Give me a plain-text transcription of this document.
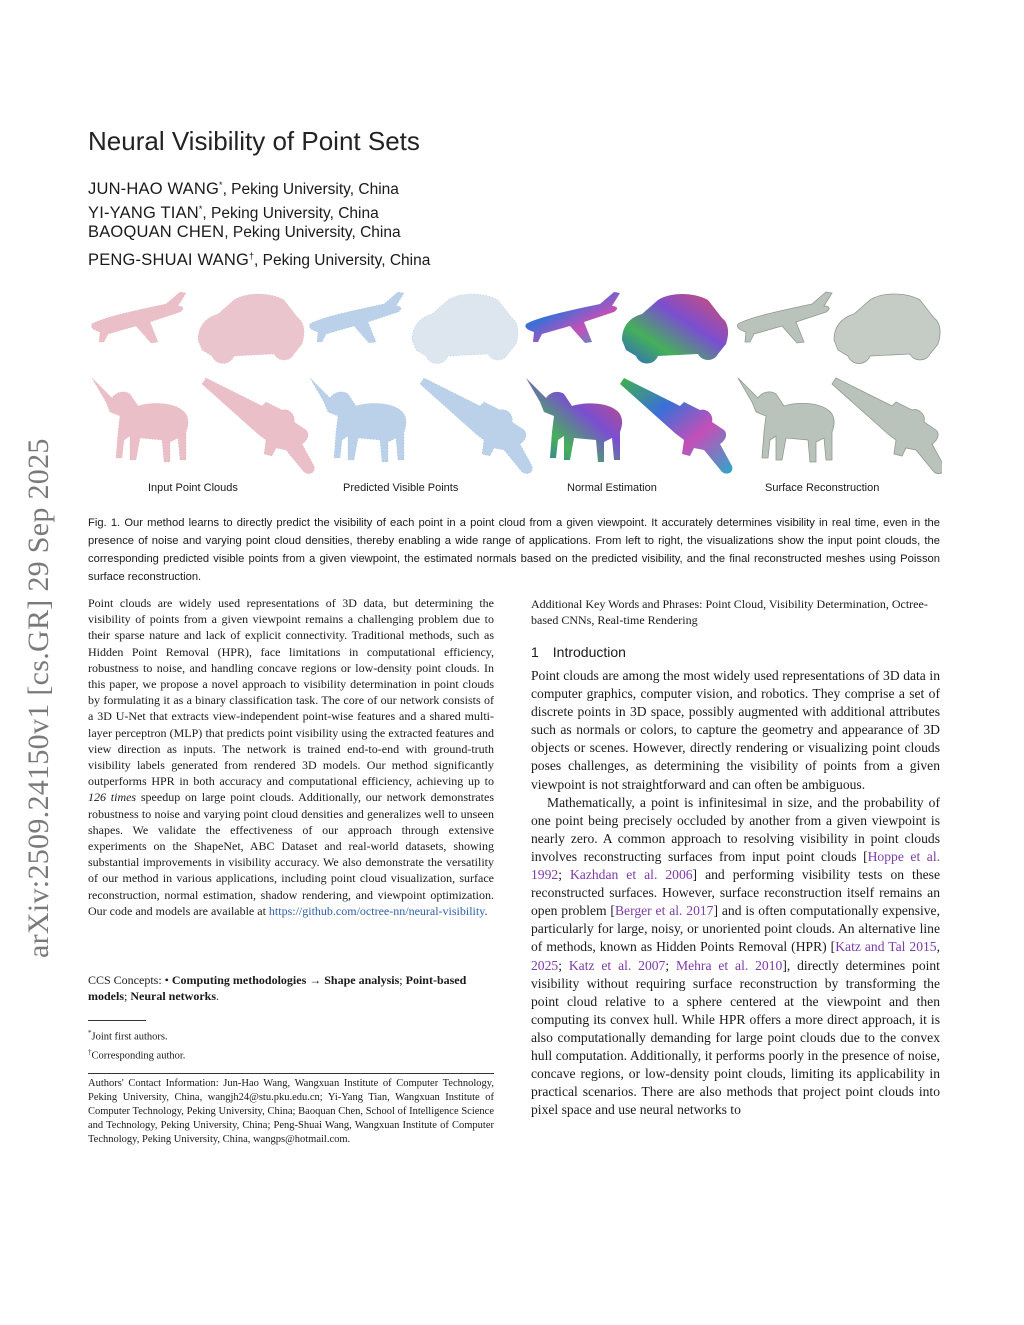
arXiv:2509.24150v1 [cs.GR] 29 Sep 2025
Neural Visibility of Point Sets
JUN-HAO WANG*, Peking University, China
YI-YANG TIAN*, Peking University, China
BAOQUAN CHEN, Peking University, China
PENG-SHUAI WANG†, Peking University, China
Input Point Clouds	Predicted Visible Points	Normal Estimation	Surface Reconstruction
Fig. 1. Our method learns to directly predict the visibility of each point in a point cloud from a given viewpoint. It accurately determines visibility in real time, even in the presence of noise and varying point cloud densities, thereby enabling a wide range of applications. From left to right, the visualizations show the input point clouds, the corresponding predicted visible points from a given viewpoint, the estimated normals based on the predicted visibility, and the final reconstructed meshes using Poisson surface reconstruction.
Point clouds are widely used representations of 3D data, but determining the visibility of points from a given viewpoint remains a challenging problem due to their sparse nature and lack of explicit connectivity. Traditional methods, such as Hidden Point Removal (HPR), face limitations in computational efficiency, robustness to noise, and handling concave regions or low-density point clouds. In this paper, we propose a novel approach to visibility determination in point clouds by formulating it as a binary classification task. The core of our network consists of a 3D U-Net that extracts view-independent point-wise features and a shared multi-layer perceptron (MLP) that predicts point visibility using the extracted features and view direction as inputs. The network is trained end-to-end with ground-truth visibility labels generated from rendered 3D models. Our method significantly outperforms HPR in both accuracy and computational efficiency, achieving up to 126 times speedup on large point clouds. Additionally, our network demonstrates robustness to noise and varying point cloud densities and generalizes well to unseen shapes. We validate the effectiveness of our approach through extensive experiments on the ShapeNet, ABC Dataset and real-world datasets, showing substantial improvements in visibility accuracy. We also demonstrate the versatility of our method in various applications, including point cloud visualization, surface reconstruction, normal estimation, shadow rendering, and viewpoint optimization. Our code and models are available at https://github.com/octree-nn/neural-visibility.
CCS Concepts: • Computing methodologies → Shape analysis; Point-based models; Neural networks.
*Joint first authors.
†Corresponding author.
Authors' Contact Information: Jun-Hao Wang, Wangxuan Institute of Computer Technology, Peking University, China, wangjh24@stu.pku.edu.cn; Yi-Yang Tian, Wangxuan Institute of Computer Technology, Peking University, China; Baoquan Chen, School of Intelligence Science and Technology, Peking University, China; Peng-Shuai Wang, Wangxuan Institute of Computer Technology, Peking University, China, wangps@hotmail.com.
Additional Key Words and Phrases: Point Cloud, Visibility Determination, Octree-based CNNs, Real-time Rendering
1 Introduction

Point clouds are among the most widely used representations of 3D data in computer graphics, computer vision, and robotics. They comprise a set of discrete points in 3D space, possibly augmented with additional attributes such as normals or colors, to capture the geometry and appearance of 3D objects or scenes. However, directly rendering or visualizing point clouds poses challenges, as determining the visibility of points from a given viewpoint is not straightforward and can often be ambiguous.

Mathematically, a point is infinitesimal in size, and the probability of one point being precisely occluded by another from a given viewpoint is nearly zero. A common approach to resolving visibility in point clouds involves reconstructing surfaces from input point clouds [Hoppe et al. 1992; Kazhdan et al. 2006] and performing visibility tests on these reconstructed surfaces. However, surface reconstruction itself remains an open problem [Berger et al. 2017] and is often computationally expensive, particularly for large, noisy, or unoriented point clouds. An alternative line of methods, known as Hidden Points Removal (HPR) [Katz and Tal 2015, 2025; Katz et al. 2007; Mehra et al. 2010], directly determines point visibility without requiring surface reconstruction by transforming the point cloud relative to a sphere centered at the viewpoint and then computing its convex hull. While HPR offers a more direct approach, it is also computationally demanding for large point clouds due to the convex hull computation. Additionally, it performs poorly in the presence of noise, concave regions, or low-density point clouds, limiting its applicability in practical scenarios. There are also methods that project point clouds into pixel space and use neural networks to
